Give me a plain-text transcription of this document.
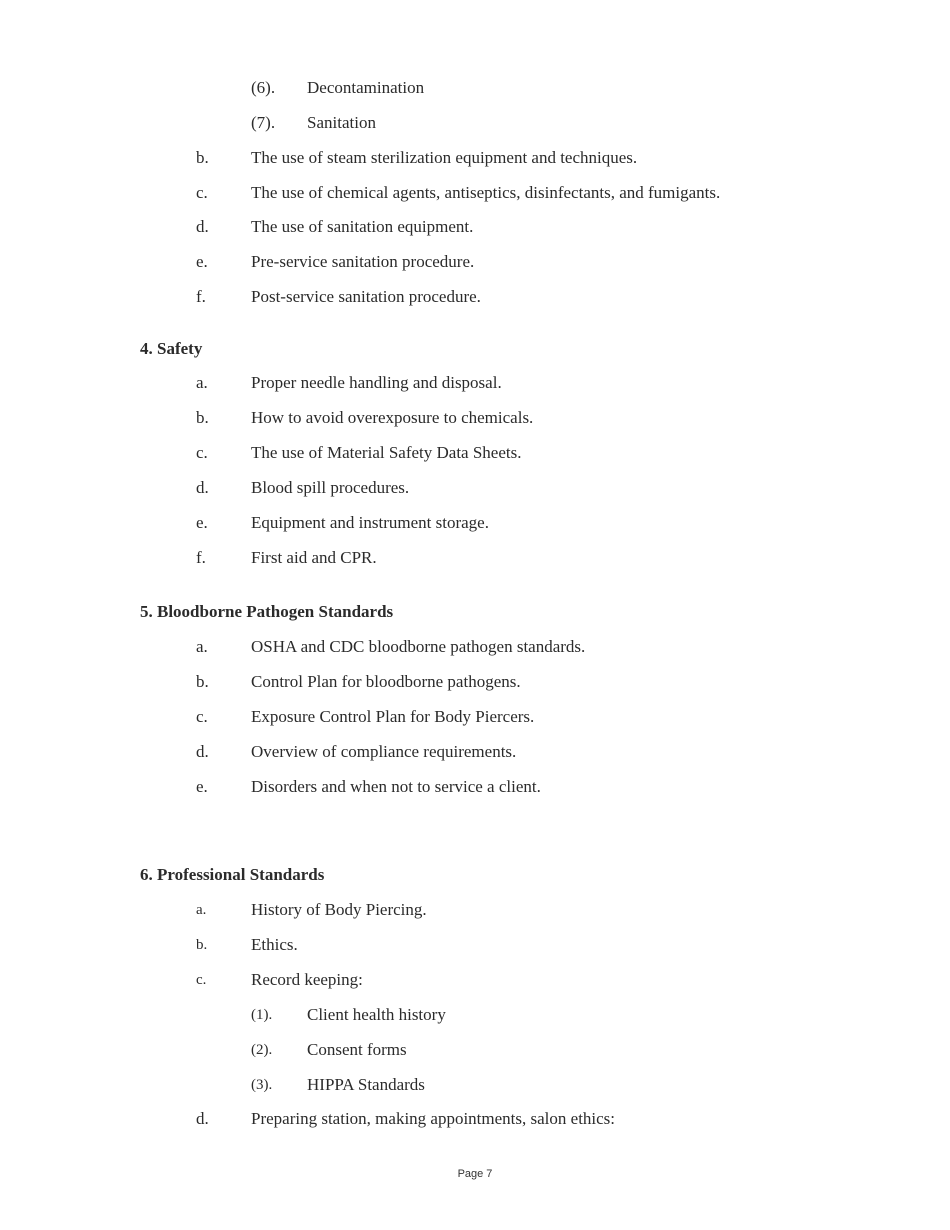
(6). Decontamination
(7). Sanitation
b. The use of steam sterilization equipment and techniques.
c.	The use of chemical agents, antiseptics, disinfectants, and fumigants.
d. The use of sanitation equipment.
e.	Pre-service sanitation procedure.
f.	Post-service sanitation procedure.
4. Safety
a.	Proper needle handling and disposal.
b. How to avoid overexposure to chemicals.
c.	The use of Material Safety Data Sheets.
d. Blood spill procedures.
e.	Equipment and instrument storage.
f.	First aid and CPR.
5. Bloodborne Pathogen Standards
a.	OSHA and CDC bloodborne pathogen standards.
b. Control Plan for bloodborne pathogens.
c.	Exposure Control Plan for Body Piercers.
d. Overview of compliance requirements.
e.	Disorders and when not to service a client.
6. Professional Standards
a.	History of Body Piercing.
b.	Ethics.
c.	Record keeping:
(1). Client health history
(2). Consent forms
(3). HIPPA Standards
d. Preparing station, making appointments, salon ethics:
Page 7
